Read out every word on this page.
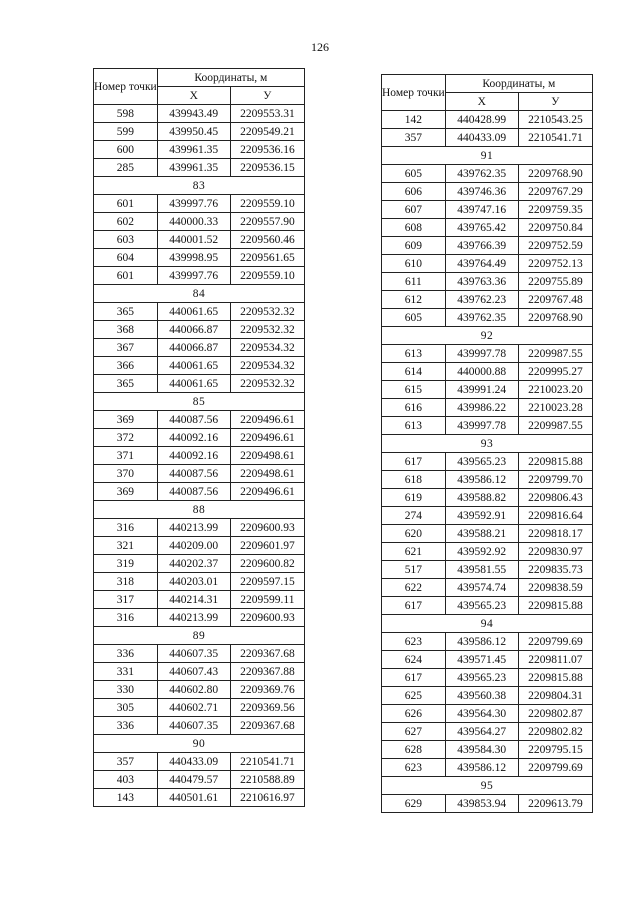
126
Номер точки	Координаты, м	
	X	У
598	439943.49	2209553.31
599	439950.45	2209549.21
600	439961.35	2209536.16
285	439961.35	2209536.15
83		
601	439997.76	2209559.10
602	440000.33	2209557.90
603	440001.52	2209560.46
604	439998.95	2209561.65
601	439997.76	2209559.10
84		
365	440061.65	2209532.32
368	440066.87	2209532.32
367	440066.87	2209534.32
366	440061.65	2209534.32
365	440061.65	2209532.32
85		
369	440087.56	2209496.61
372	440092.16	2209496.61
371	440092.16	2209498.61
370	440087.56	2209498.61
369	440087.56	2209496.61
88		
316	440213.99	2209600.93
321	440209.00	2209601.97
319	440202.37	2209600.82
318	440203.01	2209597.15
317	440214.31	2209599.11
316	440213.99	2209600.93
89		
336	440607.35	2209367.68
331	440607.43	2209367.88
330	440602.80	2209369.76
305	440602.71	2209369.56
336	440607.35	2209367.68
90		
357	440433.09	2210541.71
403	440479.57	2210588.89
143	440501.61	2210616.97
Номер точки	Координаты, м	
	X	У
142	440428.99	2210543.25
357	440433.09	2210541.71
91		
605	439762.35	2209768.90
606	439746.36	2209767.29
607	439747.16	2209759.35
608	439765.42	2209750.84
609	439766.39	2209752.59
610	439764.49	2209752.13
611	439763.36	2209755.89
612	439762.23	2209767.48
605	439762.35	2209768.90
92		
613	439997.78	2209987.55
614	440000.88	2209995.27
615	439991.24	2210023.20
616	439986.22	2210023.28
613	439997.78	2209987.55
93		
617	439565.23	2209815.88
618	439586.12	2209799.70
619	439588.82	2209806.43
274	439592.91	2209816.64
620	439588.21	2209818.17
621	439592.92	2209830.97
517	439581.55	2209835.73
622	439574.74	2209838.59
617	439565.23	2209815.88
94		
623	439586.12	2209799.69
624	439571.45	2209811.07
617	439565.23	2209815.88
625	439560.38	2209804.31
626	439564.30	2209802.87
627	439564.27	2209802.82
628	439584.30	2209795.15
623	439586.12	2209799.69
95		
629	439853.94	2209613.79
